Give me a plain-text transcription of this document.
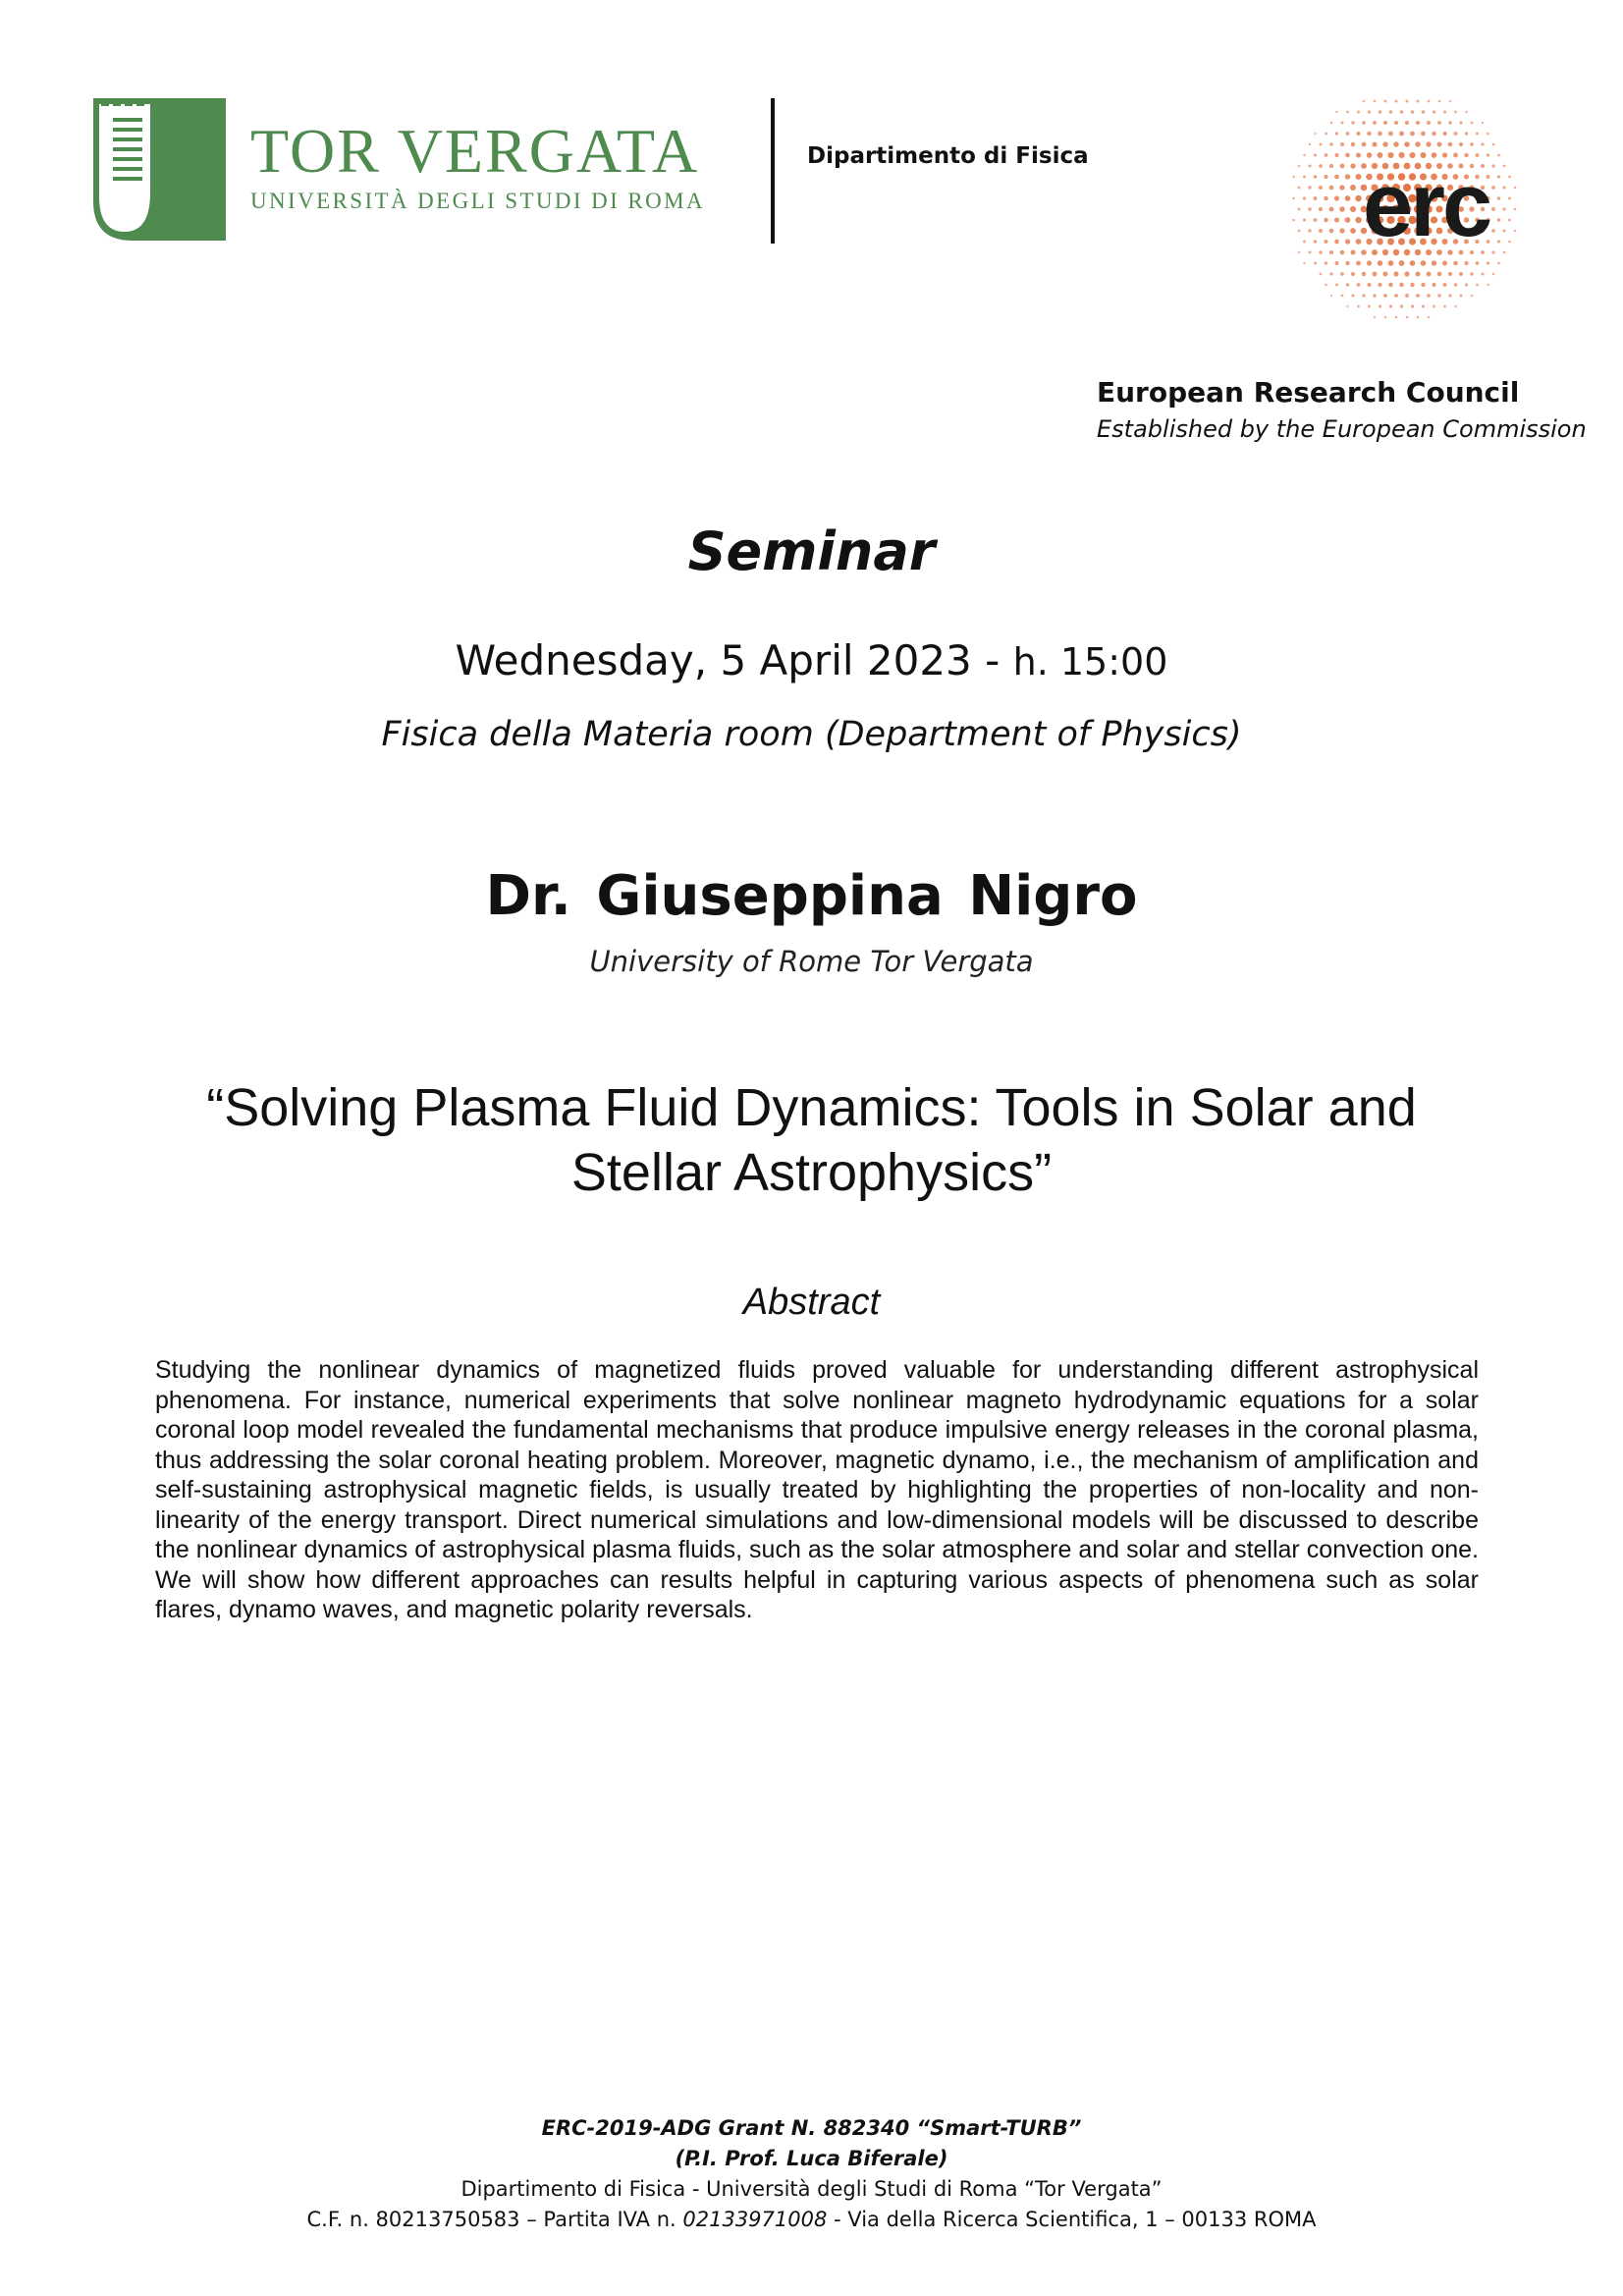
TOR VERGATA
UNIVERSITÀ DEGLI STUDI DI ROMA
Dipartimento di Fisica	erc
European Research Council
Established by the European Commission
Seminar
Wednesday, 5 April 2023 - h. 15:00
Fisica della Materia room (Department of Physics)
Dr. Giuseppina Nigro
University of Rome Tor Vergata
“Solving Plasma Fluid Dynamics: Tools in Solar and
Stellar Astrophysics”
Abstract
Studying the nonlinear dynamics of magnetized fluids proved valuable for understanding different astrophysical phenomena. For instance, numerical experiments that solve nonlinear magneto hydrodynamic equations for a solar coronal loop model revealed the fundamental mechanisms that produce impulsive energy releases in the coronal plasma, thus addressing the solar coronal heating problem. Moreover, magnetic dynamo, i.e., the mechanism of amplification and self-sustaining astrophysical magnetic fields, is usually treated by highlighting the properties of non-locality and non-linearity of the energy transport. Direct numerical simulations and low-dimensional models will be discussed to describe the nonlinear dynamics of astrophysical plasma fluids, such as the solar atmosphere and solar and stellar convection one. We will show how different approaches can results helpful in capturing various aspects of phenomena such as solar flares, dynamo waves, and magnetic polarity reversals.
ERC-2019-ADG Grant N. 882340 “Smart-TURB”
(P.I. Prof. Luca Biferale)
Dipartimento di Fisica - Università degli Studi di Roma “Tor Vergata”
C.F. n. 80213750583 – Partita IVA n. 02133971008 - Via della Ricerca Scientifica, 1 – 00133 ROMA
